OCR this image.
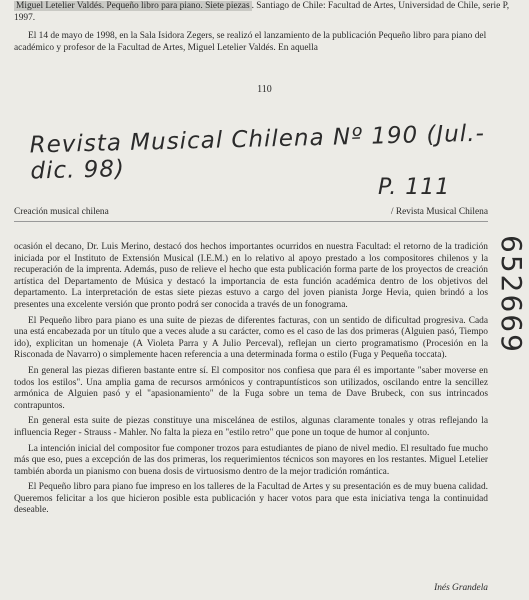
Miguel Letelier Valdés. Pequeño libro para piano. Siete piezas . Santiago de Chile: Facultad de Artes, Universidad de Chile, serie P, 1997.

El 14 de mayo de 1998, en la Sala Isidora Zegers, se realizó el lanzamiento de la publicación Pequeño libro para piano del académico y profesor de la Facultad de Artes, Miguel Letelier Valdés. En aquella

110
Revista Musical Chilena Nº 190 (Jul.-dic. 98)
P. 111
652669
Creación musical chilena	/ Revista Musical Chilena

ocasión el decano, Dr. Luis Merino, destacó dos hechos importantes ocurridos en nuestra Facultad: el retorno de la tradición iniciada por el Instituto de Extensión Musical (I.E.M.) en lo relativo al apoyo prestado a los compositores chilenos y la recuperación de la imprenta. Además, puso de relieve el hecho que esta publicación forma parte de los proyectos de creación artística del Departamento de Música y destacó la importancia de esta función académica dentro de los objetivos del departamento. La interpretación de estas siete piezas estuvo a cargo del joven pianista Jorge Hevia, quien brindó a los presentes una excelente versión que pronto podrá ser conocida a través de un fonograma.

El Pequeño libro para piano es una suite de piezas de diferentes facturas, con un sentido de dificultad progresiva. Cada una está encabezada por un título que a veces alude a su carácter, como es el caso de las dos primeras (Alguien pasó, Tiempo ido), explicitan un homenaje (A Violeta Parra y A Julio Perceval), reflejan un cierto programatismo (Procesión en la Risconada de Navarro) o simplemente hacen referencia a una determinada forma o estilo (Fuga y Pequeña toccata).

En general las piezas difieren bastante entre sí. El compositor nos confiesa que para él es importante "saber moverse en todos los estilos". Una amplia gama de recursos armónicos y contrapuntísticos son utilizados, oscilando entre la sencillez armónica de Alguien pasó y el "apasionamiento" de la Fuga sobre un tema de Dave Brubeck, con sus intrincados contrapuntos.

En general esta suite de piezas constituye una miscelánea de estilos, algunas claramente tonales y otras reflejando la influencia Reger - Strauss - Mahler. No falta la pieza en "estilo retro" que pone un toque de humor al conjunto.

La intención inicial del compositor fue componer trozos para estudiantes de piano de nivel medio. El resultado fue mucho más que eso, pues a excepción de las dos primeras, los requerimientos técnicos son mayores en los restantes. Miguel Letelier también aborda un pianismo con buena dosis de virtuosismo dentro de la mejor tradición romántica.

El Pequeño libro para piano fue impreso en los talleres de la Facultad de Artes y su presentación es de muy buena calidad. Queremos felicitar a los que hicieron posible esta publicación y hacer votos para que esta iniciativa tenga la continuidad deseable.

Inés Grandela
